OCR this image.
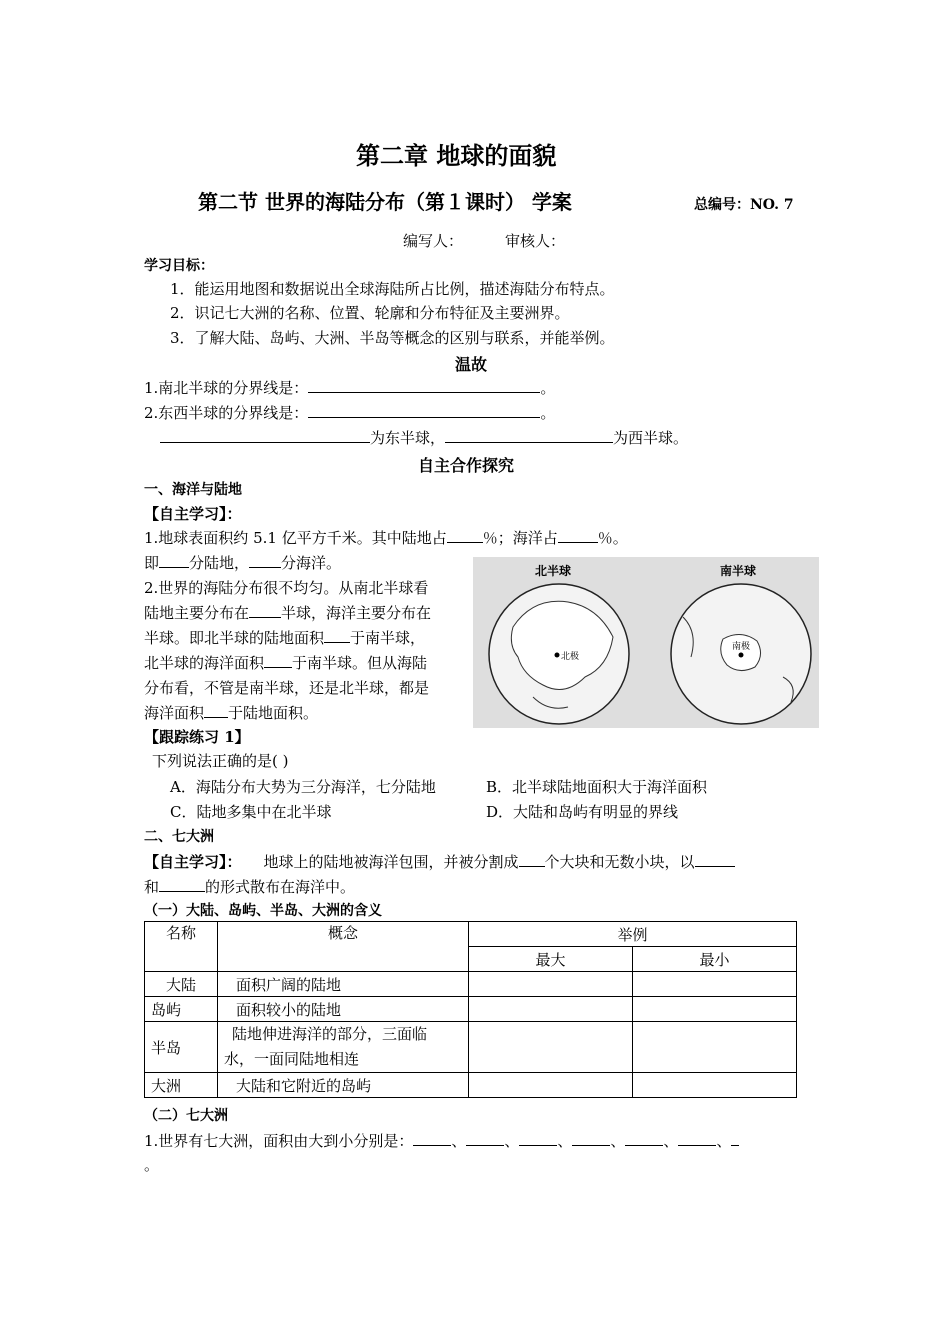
第二章 地球的面貌
第二节 世界的海陆分布（第１课时） 学案	总编号：NO. 7
编写人：	审核人：
学习目标：
1．能运用地图和数据说出全球海陆所占比例，描述海陆分布特点。
2．识记七大洲的名称、位置、轮廓和分布特征及主要洲界。
3．了解大陆、岛屿、大洲、半岛等概念的区别与联系，并能举例。
温故
1.南北半球的分界线是：	。
2.东西半球的分界线是：	。
为东半球，	为西半球。
自主合作探究
一、海洋与陆地
【自主学习】：
1.地球表面积约 5.1 亿平方千米。其中陆地占 ％；海洋占	％。
即 分陆地， 分海洋。
2.世界的海陆分布很不均匀。从南北半球看
陆地主要分布在 半球，海洋主要分布在
半球。即北半球的陆地面积 于南半球，
北半球的海洋面积 于南半球。但从海陆
分布看，不管是南半球，还是北半球，都是
海洋面积 于陆地面积。
北极
北半球
南极
南半球
【跟踪练习 1】
下列说法正确的是( )
A．海陆分布大势为三分海洋，七分陆地	B．北半球陆地面积大于海洋面积
C．陆地多集中在北半球	D．大陆和岛屿有明显的界线
二、七大洲
【自主学习】： 地球上的陆地被海洋包围，并被分割成 个大块和无数小块，以
和	的形式散布在海洋中。
（一）大陆、岛屿、半岛、大洲的含义
名称	概念	举例	
		最大	最小
大陆	面积广阔的陆地		
岛屿	面积较小的陆地		
半岛	陆地伸进海洋的部分，三面临
水，一面同陆地相连		

大洲	大陆和它附近的岛屿		
（二）七大洲
1.世界有七大洲，面积由大到小分别是：	、	、	、	、	、	、
。
